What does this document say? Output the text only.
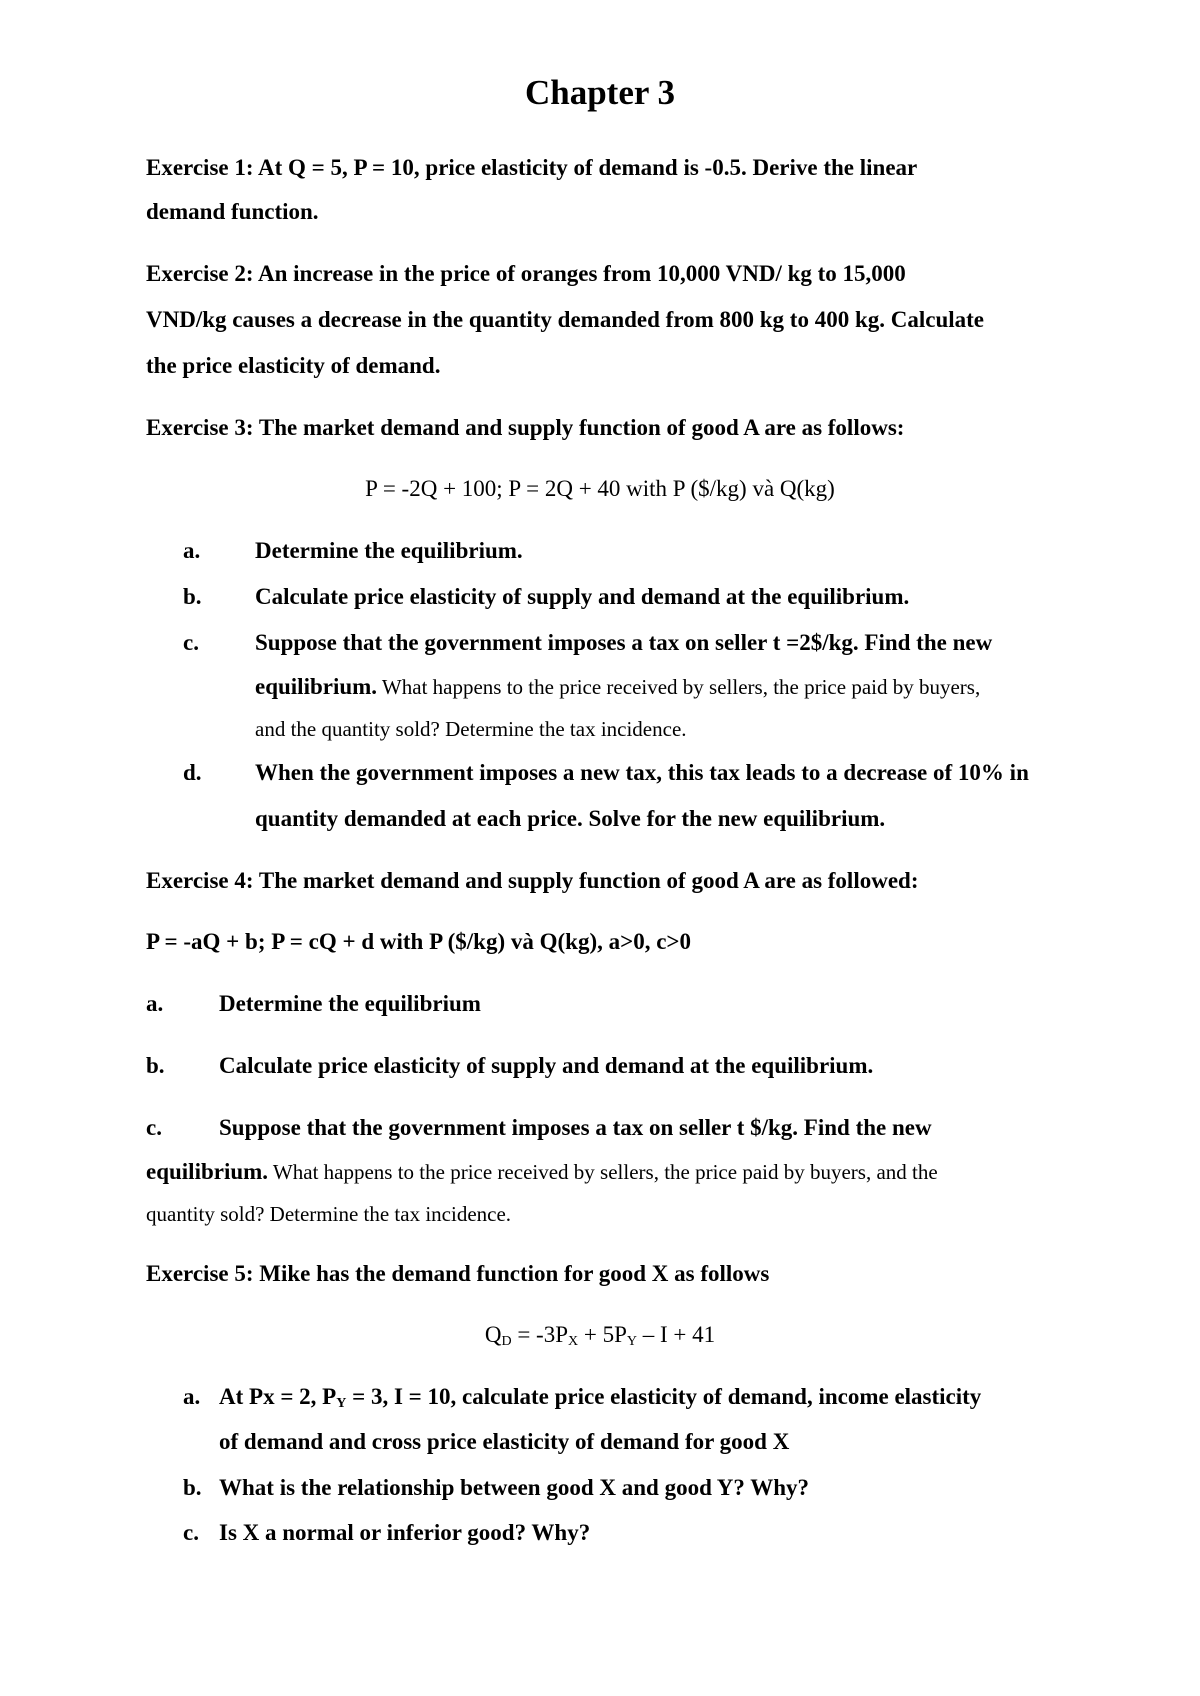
Chapter 3
Exercise 1: At Q = 5, P = 10, price elasticity of demand is -0.5. Derive the linear
demand function.
Exercise 2: An increase in the price of oranges from 10,000 VND/ kg to 15,000
VND/kg causes a decrease in the quantity demanded from 800 kg to 400 kg. Calculate
the price elasticity of demand.
Exercise 3: The market demand and supply function of good A are as follows:
P = -2Q + 100; P = 2Q + 40 with P ($/kg) và Q(kg)
a. Determine the equilibrium.
b. Calculate price elasticity of supply and demand at the equilibrium.
c. Suppose that the government imposes a tax on seller t =2$/kg. Find the new
equilibrium. What happens to the price received by sellers, the price paid by buyers,
and the quantity sold? Determine the tax incidence.
d. When the government imposes a new tax, this tax leads to a decrease of 10% in
quantity demanded at each price. Solve for the new equilibrium.
Exercise 4: The market demand and supply function of good A are as followed:
P = -aQ + b; P = cQ + d with P ($/kg) và Q(kg), a>0, c>0
a. Determine the equilibrium
b. Calculate price elasticity of supply and demand at the equilibrium.
c. Suppose that the government imposes a tax on seller t $/kg. Find the new
equilibrium. What happens to the price received by sellers, the price paid by buyers, and the
quantity sold? Determine the tax incidence.
Exercise 5: Mike has the demand function for good X as follows
$Q_D = -3P_X + 5P_Y - I + 41$
a. At Px = 2, $P_Y = 3$, I = 10, calculate price elasticity of demand, income elasticity
of demand and cross price elasticity of demand for good X
b. What is the relationship between good X and good Y? Why?
c. Is X a normal or inferior good? Why?
